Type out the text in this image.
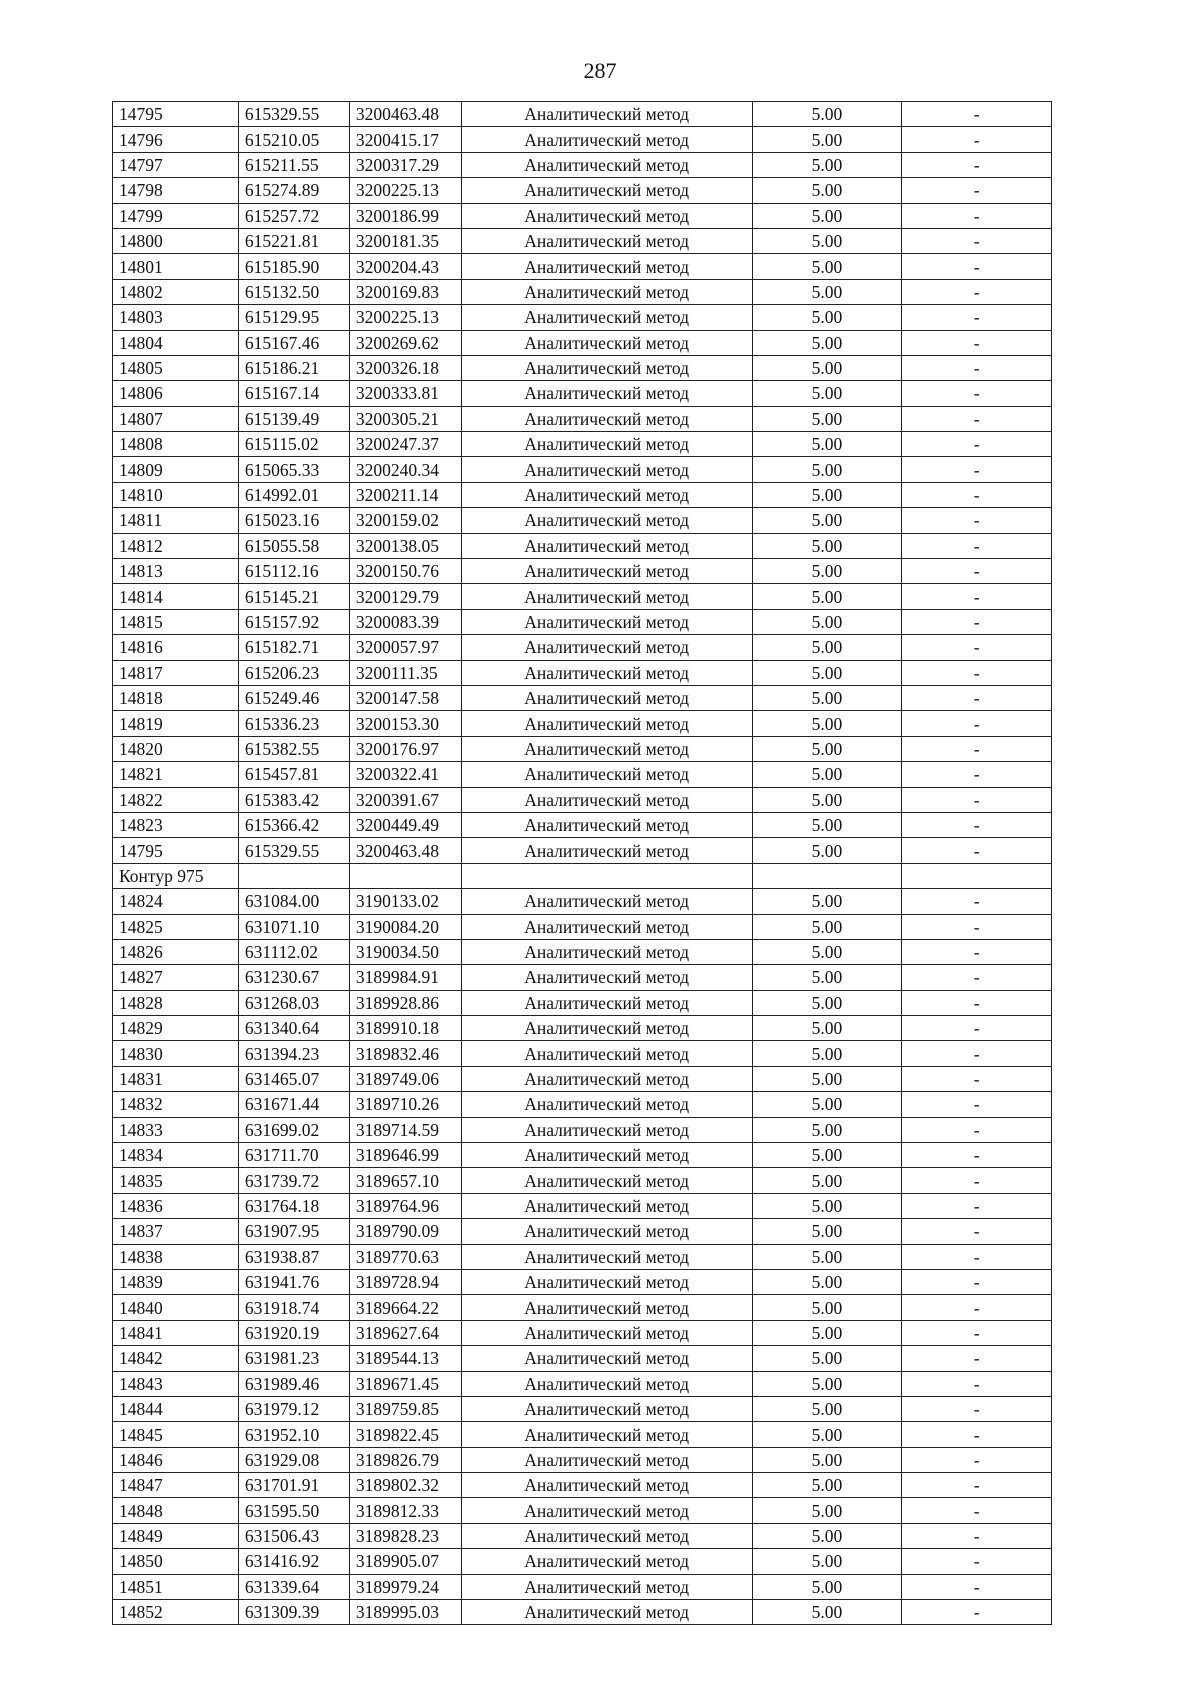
287
14795	615329.55	3200463.48	Аналитический метод	5.00	-
14796	615210.05	3200415.17	Аналитический метод	5.00	-
14797	615211.55	3200317.29	Аналитический метод	5.00	-
14798	615274.89	3200225.13	Аналитический метод	5.00	-
14799	615257.72	3200186.99	Аналитический метод	5.00	-
14800	615221.81	3200181.35	Аналитический метод	5.00	-
14801	615185.90	3200204.43	Аналитический метод	5.00	-
14802	615132.50	3200169.83	Аналитический метод	5.00	-
14803	615129.95	3200225.13	Аналитический метод	5.00	-
14804	615167.46	3200269.62	Аналитический метод	5.00	-
14805	615186.21	3200326.18	Аналитический метод	5.00	-
14806	615167.14	3200333.81	Аналитический метод	5.00	-
14807	615139.49	3200305.21	Аналитический метод	5.00	-
14808	615115.02	3200247.37	Аналитический метод	5.00	-
14809	615065.33	3200240.34	Аналитический метод	5.00	-
14810	614992.01	3200211.14	Аналитический метод	5.00	-
14811	615023.16	3200159.02	Аналитический метод	5.00	-
14812	615055.58	3200138.05	Аналитический метод	5.00	-
14813	615112.16	3200150.76	Аналитический метод	5.00	-
14814	615145.21	3200129.79	Аналитический метод	5.00	-
14815	615157.92	3200083.39	Аналитический метод	5.00	-
14816	615182.71	3200057.97	Аналитический метод	5.00	-
14817	615206.23	3200111.35	Аналитический метод	5.00	-
14818	615249.46	3200147.58	Аналитический метод	5.00	-
14819	615336.23	3200153.30	Аналитический метод	5.00	-
14820	615382.55	3200176.97	Аналитический метод	5.00	-
14821	615457.81	3200322.41	Аналитический метод	5.00	-
14822	615383.42	3200391.67	Аналитический метод	5.00	-
14823	615366.42	3200449.49	Аналитический метод	5.00	-
14795	615329.55	3200463.48	Аналитический метод	5.00	-
Контур 975					
14824	631084.00	3190133.02	Аналитический метод	5.00	-
14825	631071.10	3190084.20	Аналитический метод	5.00	-
14826	631112.02	3190034.50	Аналитический метод	5.00	-
14827	631230.67	3189984.91	Аналитический метод	5.00	-
14828	631268.03	3189928.86	Аналитический метод	5.00	-
14829	631340.64	3189910.18	Аналитический метод	5.00	-
14830	631394.23	3189832.46	Аналитический метод	5.00	-
14831	631465.07	3189749.06	Аналитический метод	5.00	-
14832	631671.44	3189710.26	Аналитический метод	5.00	-
14833	631699.02	3189714.59	Аналитический метод	5.00	-
14834	631711.70	3189646.99	Аналитический метод	5.00	-
14835	631739.72	3189657.10	Аналитический метод	5.00	-
14836	631764.18	3189764.96	Аналитический метод	5.00	-
14837	631907.95	3189790.09	Аналитический метод	5.00	-
14838	631938.87	3189770.63	Аналитический метод	5.00	-
14839	631941.76	3189728.94	Аналитический метод	5.00	-
14840	631918.74	3189664.22	Аналитический метод	5.00	-
14841	631920.19	3189627.64	Аналитический метод	5.00	-
14842	631981.23	3189544.13	Аналитический метод	5.00	-
14843	631989.46	3189671.45	Аналитический метод	5.00	-
14844	631979.12	3189759.85	Аналитический метод	5.00	-
14845	631952.10	3189822.45	Аналитический метод	5.00	-
14846	631929.08	3189826.79	Аналитический метод	5.00	-
14847	631701.91	3189802.32	Аналитический метод	5.00	-
14848	631595.50	3189812.33	Аналитический метод	5.00	-
14849	631506.43	3189828.23	Аналитический метод	5.00	-
14850	631416.92	3189905.07	Аналитический метод	5.00	-
14851	631339.64	3189979.24	Аналитический метод	5.00	-
14852	631309.39	3189995.03	Аналитический метод	5.00	-
